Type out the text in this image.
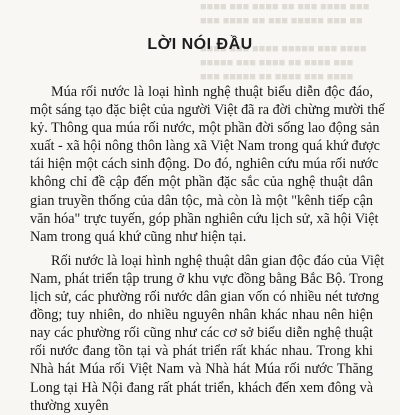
■■■ ■■■■ ■■■ ■■ ■■■■ ■■■ ■■■■
■■ ■■■ ■■■■■ ■■■ ■■ ■■■■ ■■■
■■■■ ■■■ ■■■■■ ■■■■ ■■■ ■■■■
■■■ ■■■■ ■■ ■■■■ ■■■ ■■■■■
■■■■ ■■■ ■■■■ ■■ ■■■■■ ■■■
LỜI NÓI ĐẦU
Múa rối nước là loại hình nghệ thuật biểu diễn độc đáo,
một sáng tạo đặc biệt của người Việt đã ra đời chừng mười thế
kỷ. Thông qua múa rối nước, một phần đời sống lao động sản
xuất - xã hội nông thôn làng xã Việt Nam trong quá khứ được
tái hiện một cách sinh động. Do đó, nghiên cứu múa rối nước
không chỉ đề cập đến một phần đặc sắc của nghệ thuật dân
gian truyền thống của dân tộc, mà còn là một "kênh tiếp cận
văn hóa" trực tuyến, góp phần nghiên cứu lịch sử, xã hội Việt
Nam trong quá khứ cũng như hiện tại.
Rối nước là loại hình nghệ thuật dân gian độc đáo của Việt
Nam, phát triển tập trung ở khu vực đồng bằng Bắc Bộ. Trong
lịch sử, các phường rối nước dân gian vốn có nhiều nét tương
đồng; tuy nhiên, do nhiều nguyên nhân khác nhau nên hiện
nay các phường rối cũng như các cơ sở biểu diễn nghệ thuật
rối nước đang tồn tại và phát triển rất khác nhau. Trong khi
Nhà hát Múa rối Việt Nam và Nhà hát Múa rối nước Thăng
Long tại Hà Nội đang rất phát triển, khách đến xem đông và
thường xuyên
